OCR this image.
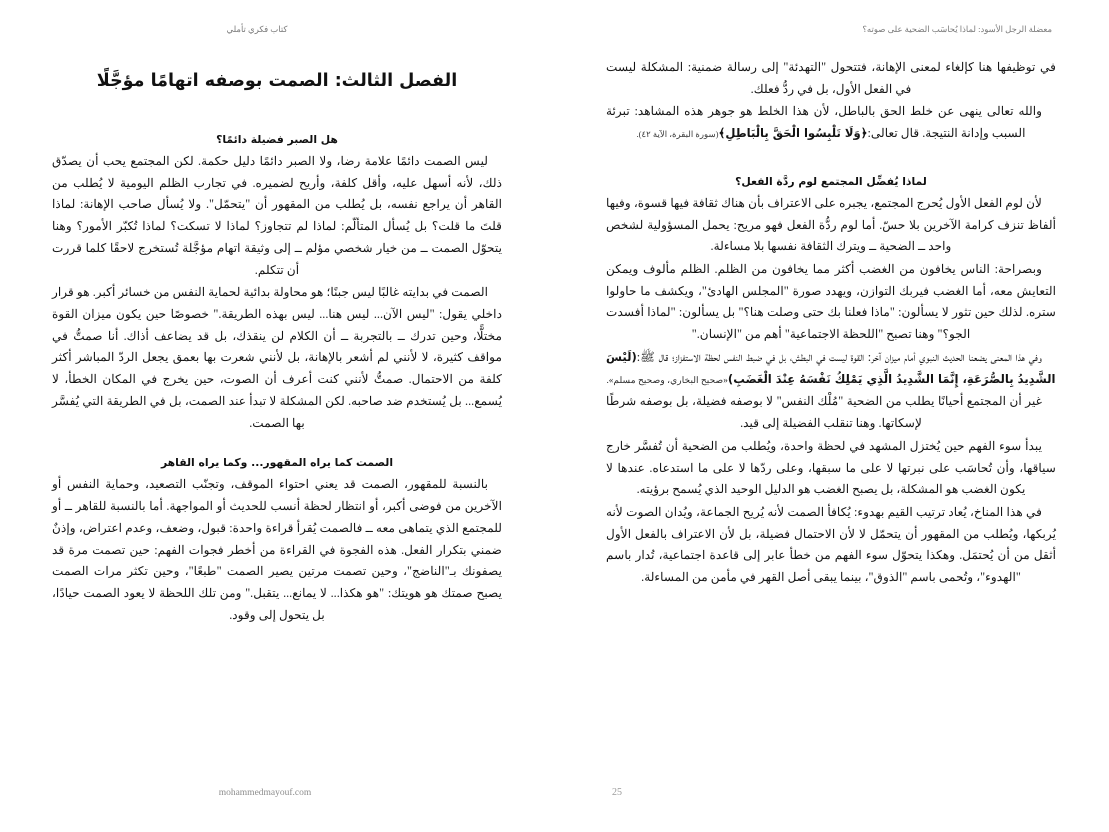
كتاب فكري تأملي
الفصل الثالث: الصمت بوصفه اتهامًا مؤجَّلًا
هل الصبر فضيلة دائمًا؟

ليس الصمت دائمًا علامة رضا، ولا الصبر دائمًا دليل حكمة. لكن المجتمع يحب أن يصدّق ذلك، لأنه أسهل عليه، وأقل كلفة، وأريح لضميره. في تجارب الظلم اليومية لا يُطلب من القاهر أن يراجع نفسه، بل يُطلب من المقهور أن "يتحمّل". ولا يُسأل صاحب الإهانة: لماذا قلتَ ما قلت؟ بل يُسأل المتألّم: لماذا لم تتجاوز؟ لماذا لا تسكت؟ لماذا تُكبّر الأمور؟ وهنا يتحوّل الصمت ــ من خيار شخصي مؤلم ــ إلى وثيقة اتهام مؤجَّلة تُستخرج لاحقًا كلما قررت أن تتكلم.

الصمت في بدايته غالبًا ليس جبنًا؛ هو محاولة بدائية لحماية النفس من خسائر أكبر. هو قرار داخلي يقول: "ليس الآن... ليس هنا... ليس بهذه الطريقة." خصوصًا حين يكون ميزان القوة مختلًّا، وحين تدرك ــ بالتجربة ــ أن الكلام لن ينقذك، بل قد يضاعف أذاك. أنا صمتُّ في مواقف كثيرة، لا لأنني لم أشعر بالإهانة، بل لأنني شعرت بها بعمق يجعل الردّ المباشر أكثر كلفة من الاحتمال. صمتُّ لأنني كنت أعرف أن الصوت، حين يخرج في المكان الخطأ، لا يُسمع... بل يُستخدم ضد صاحبه. لكن المشكلة لا تبدأ عند الصمت، بل في الطريقة التي يُفسَّر بها الصمت.

الصمت كما يراه المقهور... وكما يراه القاهر

بالنسبة للمقهور، الصمت قد يعني احتواء الموقف، وتجنّب التصعيد، وحماية النفس أو الآخرين من فوضى أكبر، أو انتظار لحظة أنسب للحديث أو المواجهة. أما بالنسبة للقاهر ــ أو للمجتمع الذي يتماهى معه ــ فالصمت يُقرأ قراءة واحدة: قبول، وضعف، وعدم اعتراض، وإذنٌ ضمني بتكرار الفعل. هذه الفجوة في القراءة من أخطر فجوات الفهم: حين تصمت مرة قد يصفونك بـ"الناضج"، وحين تصمت مرتين يصير الصمت "طبعًا"، وحين تكثر مرات الصمت يصبح صمتك هو هويتك: "هو هكذا... لا يمانع... يتقبل." ومن تلك اللحظة لا يعود الصمت حيادًا، بل يتحول إلى وقود.

mohammedmayouf.com
معضلة الرجل الأسود: لماذا يُحاسَب الضحية على صوته؟

في توظيفها هنا كإلغاء لمعنى الإهانة، فتتحول "التهدئة" إلى رسالة ضمنية: المشكلة ليست في الفعل الأول، بل في ردُّ فعلك.

والله تعالى ينهى عن خلط الحق بالباطل، لأن هذا الخلط هو جوهر هذه المشاهد: تبرئة السبب وإدانة النتيجة. قال تعالى:﴿وَلَا تَلْبِسُوا الْحَقَّ بِالْبَاطِلِ﴾(سورة البقرة، الآية ٤٢).

لماذا يُفضِّل المجتمع لوم ردَّة الفعل؟

لأن لوم الفعل الأول يُحرج المجتمع، يجبره على الاعتراف بأن هناك ثقافة فيها قسوة، وفيها ألفاظ تنزف كرامة الآخرين بلا حسّ. أما لوم ردُّة الفعل فهو مريح: يحمل المسؤولية لشخص واحد ــ الضحية ــ ويترك الثقافة نفسها بلا مساءلة.

وبصراحة: الناس يخافون من الغضب أكثر مما يخافون من الظلم. الظلم مألوف ويمكن التعايش معه، أما الغضب فيربك التوازن، ويهدد صورة "المجلس الهادئ"، ويكشف ما حاولوا ستره. لذلك حين تثور لا يسألون: "ماذا فعلنا بك حتى وصلت هنا؟" بل يسألون: "لماذا أفسدت الجو؟" وهنا تصبح "اللحظة الاجتماعية" أهم من "الإنسان."

وفي هذا المعنى يضعنا الحديث النبوي أمام ميزان آخر: القوة ليست في البطش، بل في ضبط النفس لحظة الاستفزاز؛ قال ﷺ:(لَيْسَ الشَّدِيدُ بِالصُّرَعَةِ، إِنَّمَا الشَّدِيدُ الَّذِي يَمْلِكُ نَفْسَهُ عِنْدَ الْغَضَبِ)«صحيح البخاري، وصحيح مسلم».

غير أن المجتمع أحيانًا يطلب من الضحية "مُلْك النفس" لا بوصفه فضيلة، بل بوصفه شرطًا لإسكاتها. وهنا تنقلب الفضيلة إلى قيد.

يبدأ سوء الفهم حين يُختزل المشهد في لحظة واحدة، ويُطلب من الضحية أن تُفسَّر خارج سياقها، وأن تُحاسَب على نبرتها لا على ما سبقها، وعلى ردّها لا على ما استدعاه. عندها لا يكون الغضب هو المشكلة، بل يصبح الغضب هو الدليل الوحيد الذي يُسمح برؤيته.

في هذا المناخ، يُعاد ترتيب القيم بهدوء: يُكافأ الصمت لأنه يُريح الجماعة، ويُدان الصوت لأنه يُربكها، ويُطلب من المقهور أن يتحمّل لا لأن الاحتمال فضيلة، بل لأن الاعتراف بالفعل الأول أثقل من أن يُحتمَل. وهكذا يتحوّل سوء الفهم من خطأ عابر إلى قاعدة اجتماعية، تُدار باسم "الهدوء"، وتُحمى باسم "الذوق"، بينما يبقى أصل القهر في مأمن من المساءلة.

25
